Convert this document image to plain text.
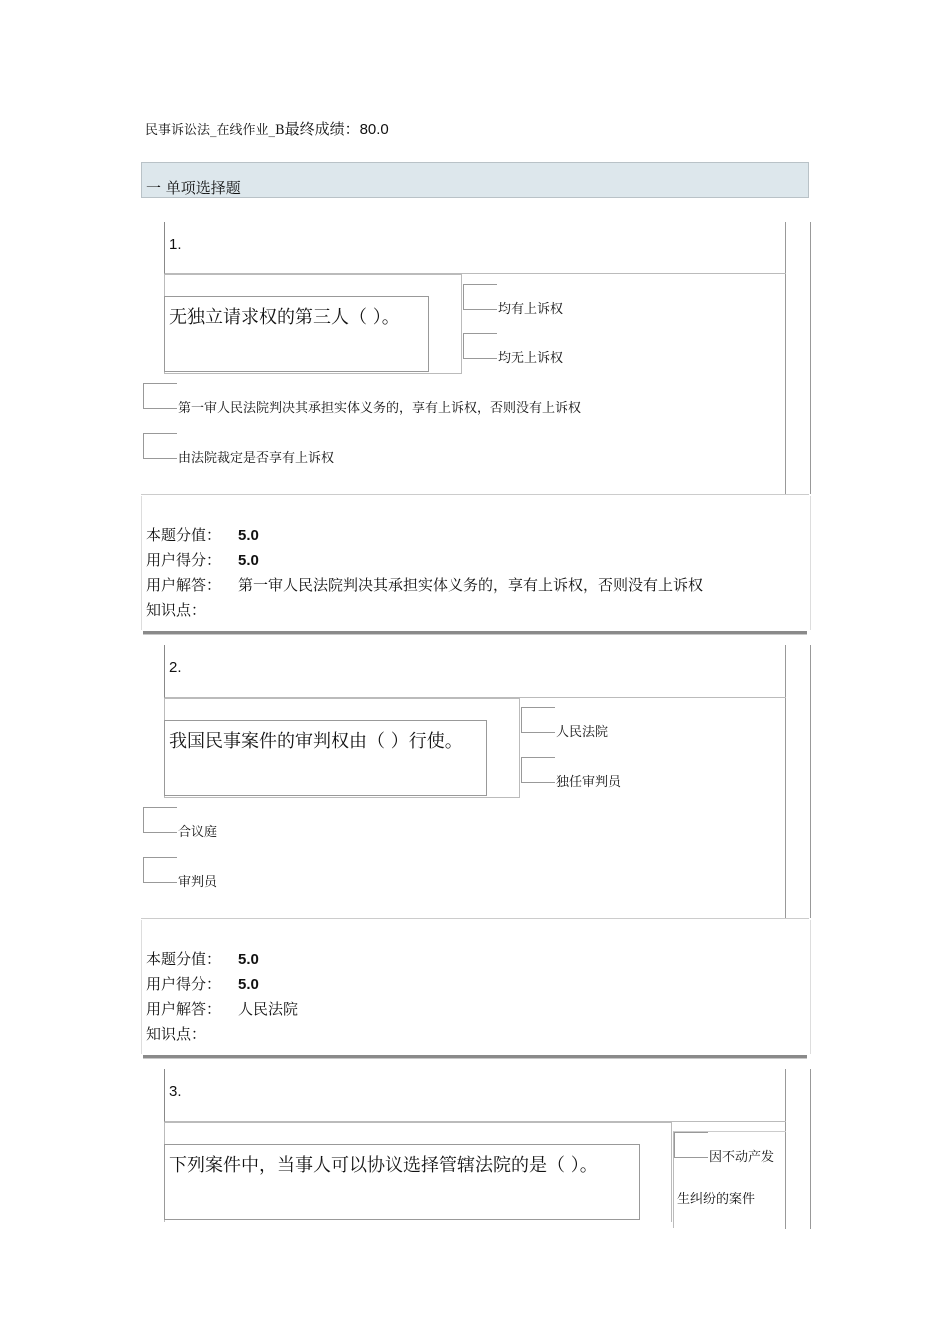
民事诉讼法_在线作业_B最终成绩：80.0
一 单项选择题
1.
无独立请求权的第三人（ ）。	均有上诉权
均无上诉权
第一审人民法院判决其承担实体义务的，享有上诉权，否则没有上诉权
由法院裁定是否享有上诉权
本题分值： 5.0
用户得分： 5.0
用户解答： 第一审人民法院判决其承担实体义务的，享有上诉权，否则没有上诉权
知识点：
2.
我国民事案件的审判权由（ ）行使。	人民法院
独任审判员
合议庭
审判员
本题分值： 5.0
用户得分： 5.0
用户解答： 人民法院
知识点：
3.
下列案件中，当事人可以协议选择管辖法院的是（ ）。	因不动产发
生纠纷的案件
